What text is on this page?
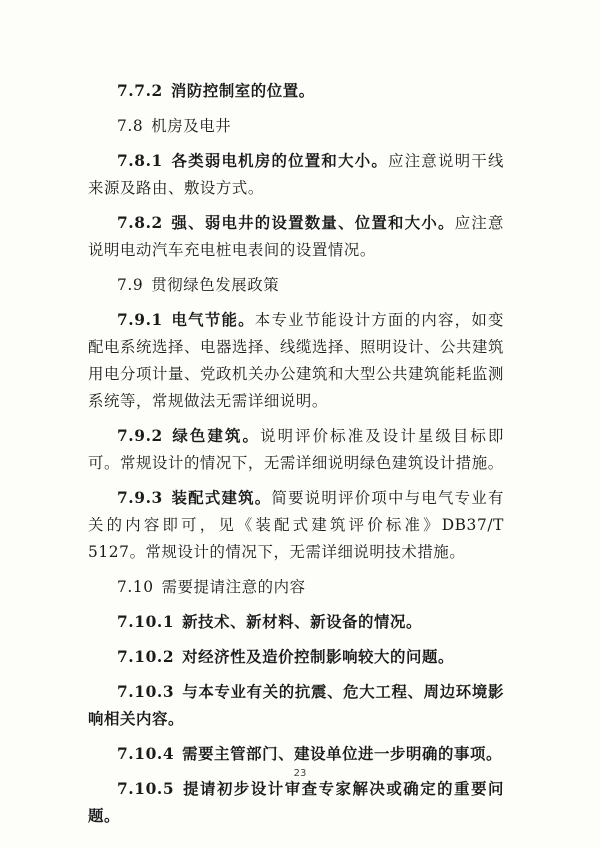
7.7.2 消防控制室的位置。

7.8 机房及电井

7.8.1 各类弱电机房的位置和大小。应注意说明干线来源及路由、敷设方式。

7.8.2 强、弱电井的设置数量、位置和大小。应注意说明电动汽车充电桩电表间的设置情况。

7.9 贯彻绿色发展政策

7.9.1 电气节能。本专业节能设计方面的内容，如变配电系统选择、电器选择、线缆选择、照明设计、公共建筑用电分项计量、党政机关办公建筑和大型公共建筑能耗监测系统等，常规做法无需详细说明。

7.9.2 绿色建筑。说明评价标准及设计星级目标即可。常规设计的情况下，无需详细说明绿色建筑设计措施。

7.9.3 装配式建筑。简要说明评价项中与电气专业有关的内容即可，见《装配式建筑评价标准》DB37/T 5127。常规设计的情况下，无需详细说明技术措施。

7.10 需要提请注意的内容

7.10.1 新技术、新材料、新设备的情况。

7.10.2 对经济性及造价控制影响较大的问题。

7.10.3 与本专业有关的抗震、危大工程、周边环境影响相关内容。

7.10.4 需要主管部门、建设单位进一步明确的事项。

7.10.5 提请初步设计审查专家解决或确定的重要问题。

23
